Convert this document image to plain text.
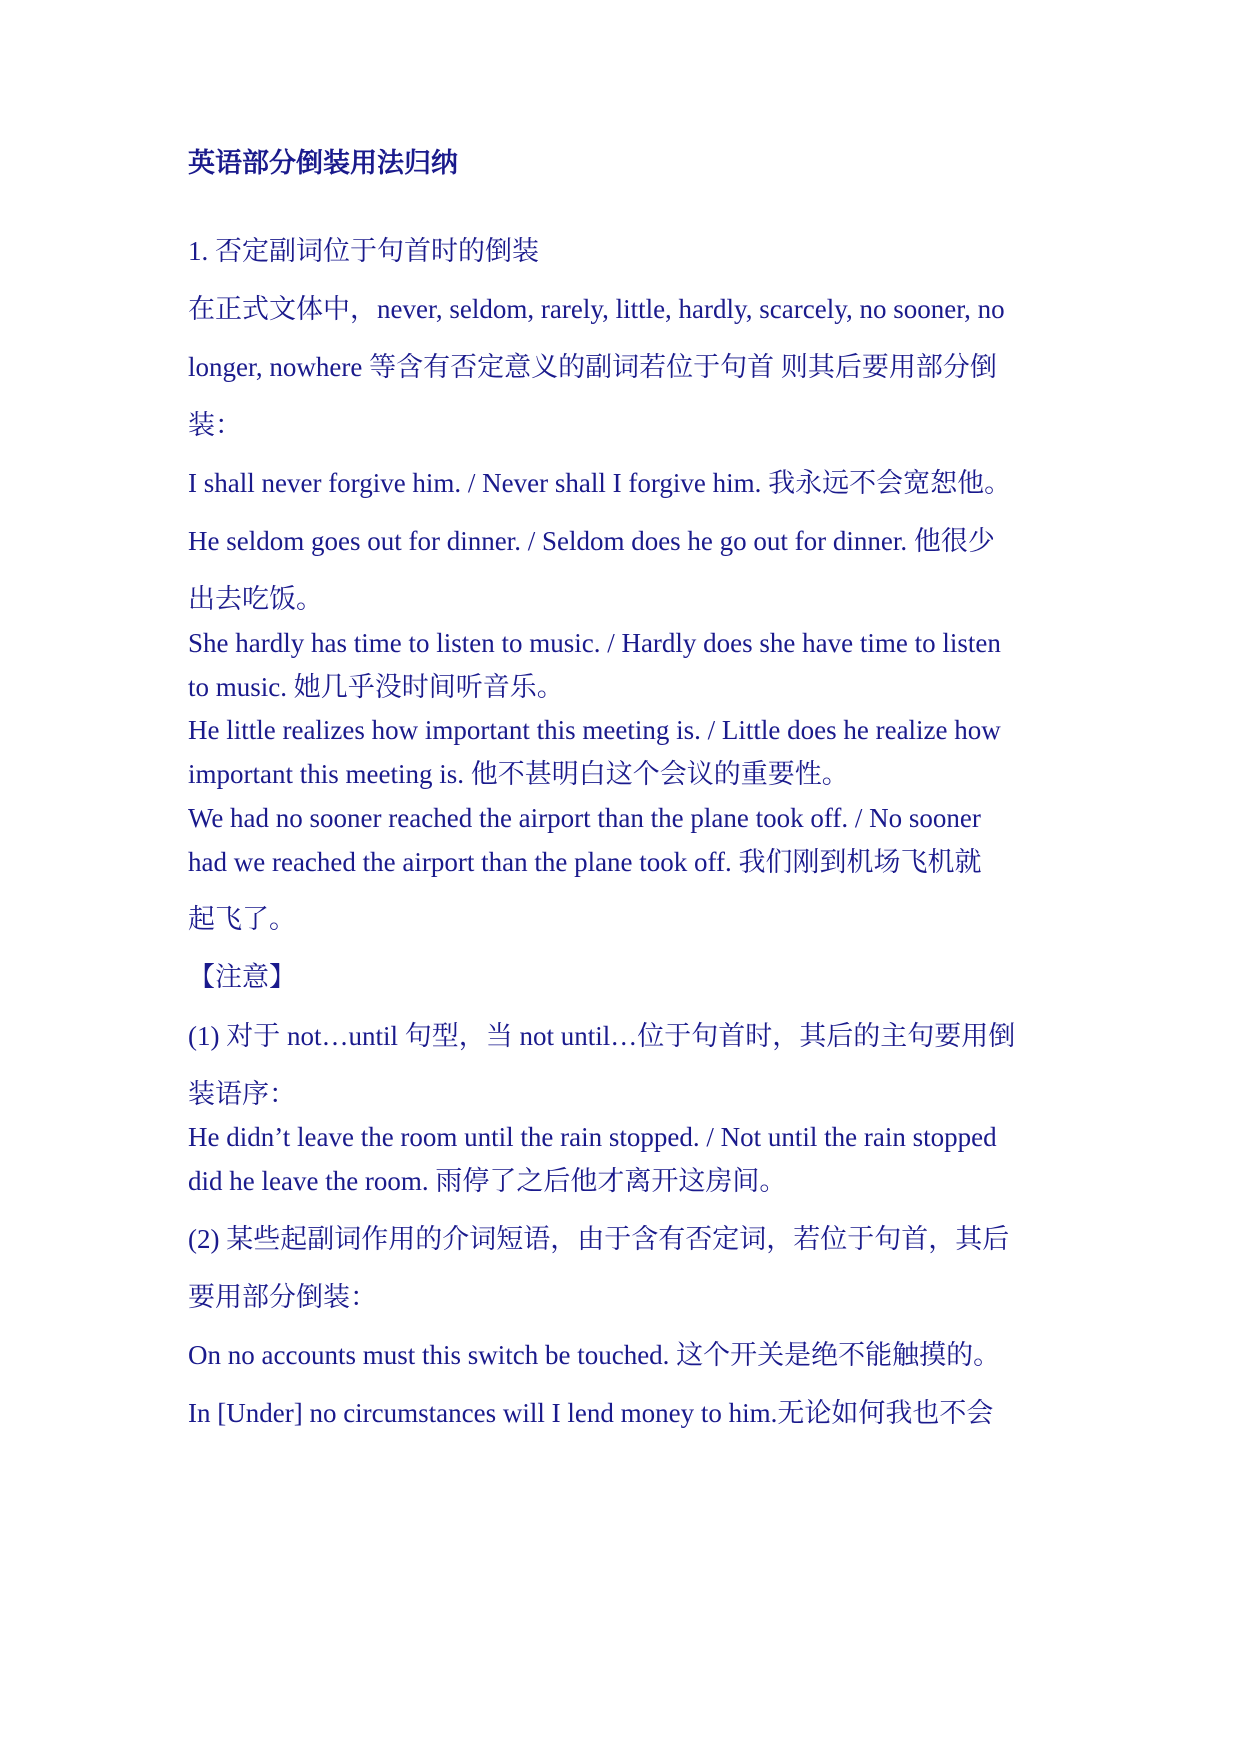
英语部分倒装用法归纳

1. 否定副词位于句首时的倒装

在正式文体中，never, seldom, rarely, little, hardly, scarcely, no sooner, no

longer, nowhere 等含有否定意义的副词若位于句首 则其后要用部分倒

装：

I shall never forgive him. / Never shall I forgive him. 我永远不会宽恕他。

He seldom goes out for dinner. / Seldom does he go out for dinner. 他很少

出去吃饭。

She hardly has time to listen to music. / Hardly does she have time to listen

to music. 她几乎没时间听音乐。

He little realizes how important this meeting is. / Little does he realize how

important this meeting is. 他不甚明白这个会议的重要性。

We had no sooner reached the airport than the plane took off. / No sooner

had we reached the airport than the plane took off. 我们刚到机场飞机就

起飞了。

【注意】

(1) 对于 not…until 句型，当 not until…位于句首时，其后的主句要用倒

装语序：

He didn’t leave the room until the rain stopped. / Not until the rain stopped

did he leave the room. 雨停了之后他才离开这房间。

(2) 某些起副词作用的介词短语，由于含有否定词，若位于句首，其后

要用部分倒装：

On no accounts must this switch be touched. 这个开关是绝不能触摸的。

In [Under] no circumstances will I lend money to him.无论如何我也不会
